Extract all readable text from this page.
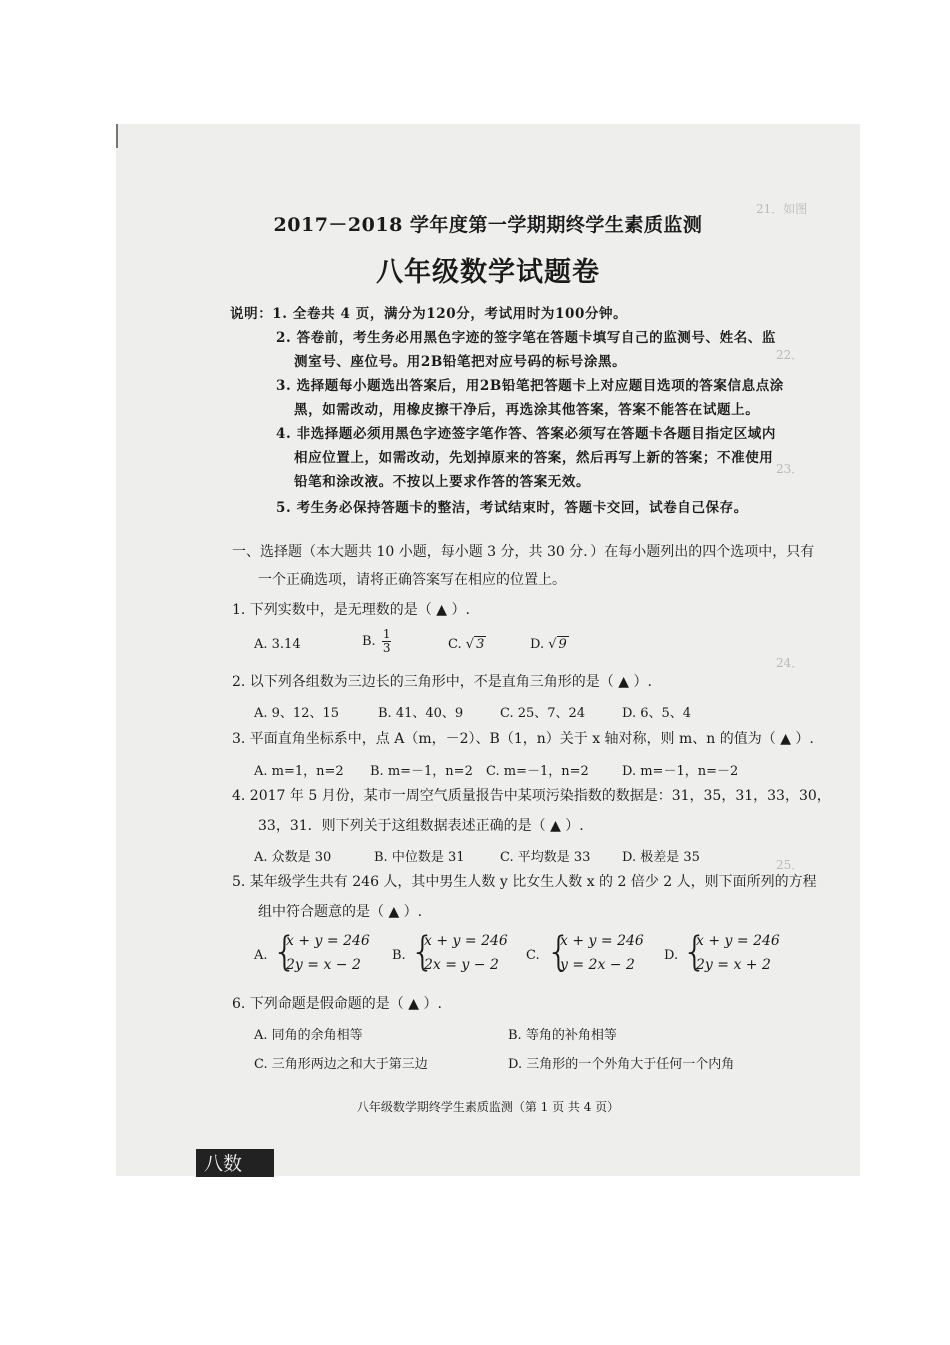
21．如图　　　　　　
22．
23．
24．
25．
2017－2018 学年度第一学期期终学生素质监测
八年级数学试题卷
说明：1. 全卷共 4 页，满分为120分，考试用时为100分钟。
2. 答卷前，考生务必用黑色字迹的签字笔在答题卡填写自己的监测号、姓名、监
测室号、座位号。用2B铅笔把对应号码的标号涂黑。
3. 选择题每小题选出答案后，用2B铅笔把答题卡上对应题目选项的答案信息点涂
黑，如需改动，用橡皮擦干净后，再选涂其他答案，答案不能答在试题上。
4. 非选择题必须用黑色字迹签字笔作答、答案必须写在答题卡各题目指定区域内
相应位置上，如需改动，先划掉原来的答案，然后再写上新的答案；不准使用
铅笔和涂改液。不按以上要求作答的答案无效。
5. 考生务必保持答题卡的整洁，考试结束时，答题卡交回，试卷自己保存。
一、选择题（本大题共 10 小题，每小题 3 分，共 30 分．）在每小题列出的四个选项中，只有
一个正确选项，请将正确答案写在相应的位置上。
1. 下列实数中，是无理数的是（ ▲ ）.
A. 3.14	B. $\frac{1}{3}$	C. √ 3	D. √ 9
2. 以下列各组数为三边长的三角形中，不是直角三角形的是（ ▲ ）.
A. 9、12、15	B. 41、40、9	C. 25、7、24	D. 6、5、4
3. 平面直角坐标系中，点 A（m，－2）、B（1，n）关于 x 轴对称，则 m、n 的值为（ ▲ ）.
A. m=1，n=2 B. m=－1，n=2 C. m=－1，n=2	D. m=－1，n=－2
4. 2017 年 5 月份，某市一周空气质量报告中某项污染指数的数据是：31，35，31，33，30，
33，31．则下列关于这组数据表述正确的是（ ▲ ）.
A. 众数是 30	B. 中位数是 31	C. 平均数是 33 D. 极差是 35
5. 某年级学生共有 246 人，其中男生人数 y 比女生人数 x 的 2 倍少 2 人，则下面所列的方程
组中符合题意的是（ ▲ ）.
A. {
x + y = 246
2y = x − 2
B. {
x + y = 246
2x = y − 2
C. {
x + y = 246
y = 2x − 2
D. {
x + y = 246
2y = x + 2
6. 下列命题是假命题的是（ ▲ ）.
A. 同角的余角相等	B. 等角的补角相等
C. 三角形两边之和大于第三边	D. 三角形的一个外角大于任何一个内角
八年级数学期终学生素质监测（第 1 页 共 4 页）
八数
